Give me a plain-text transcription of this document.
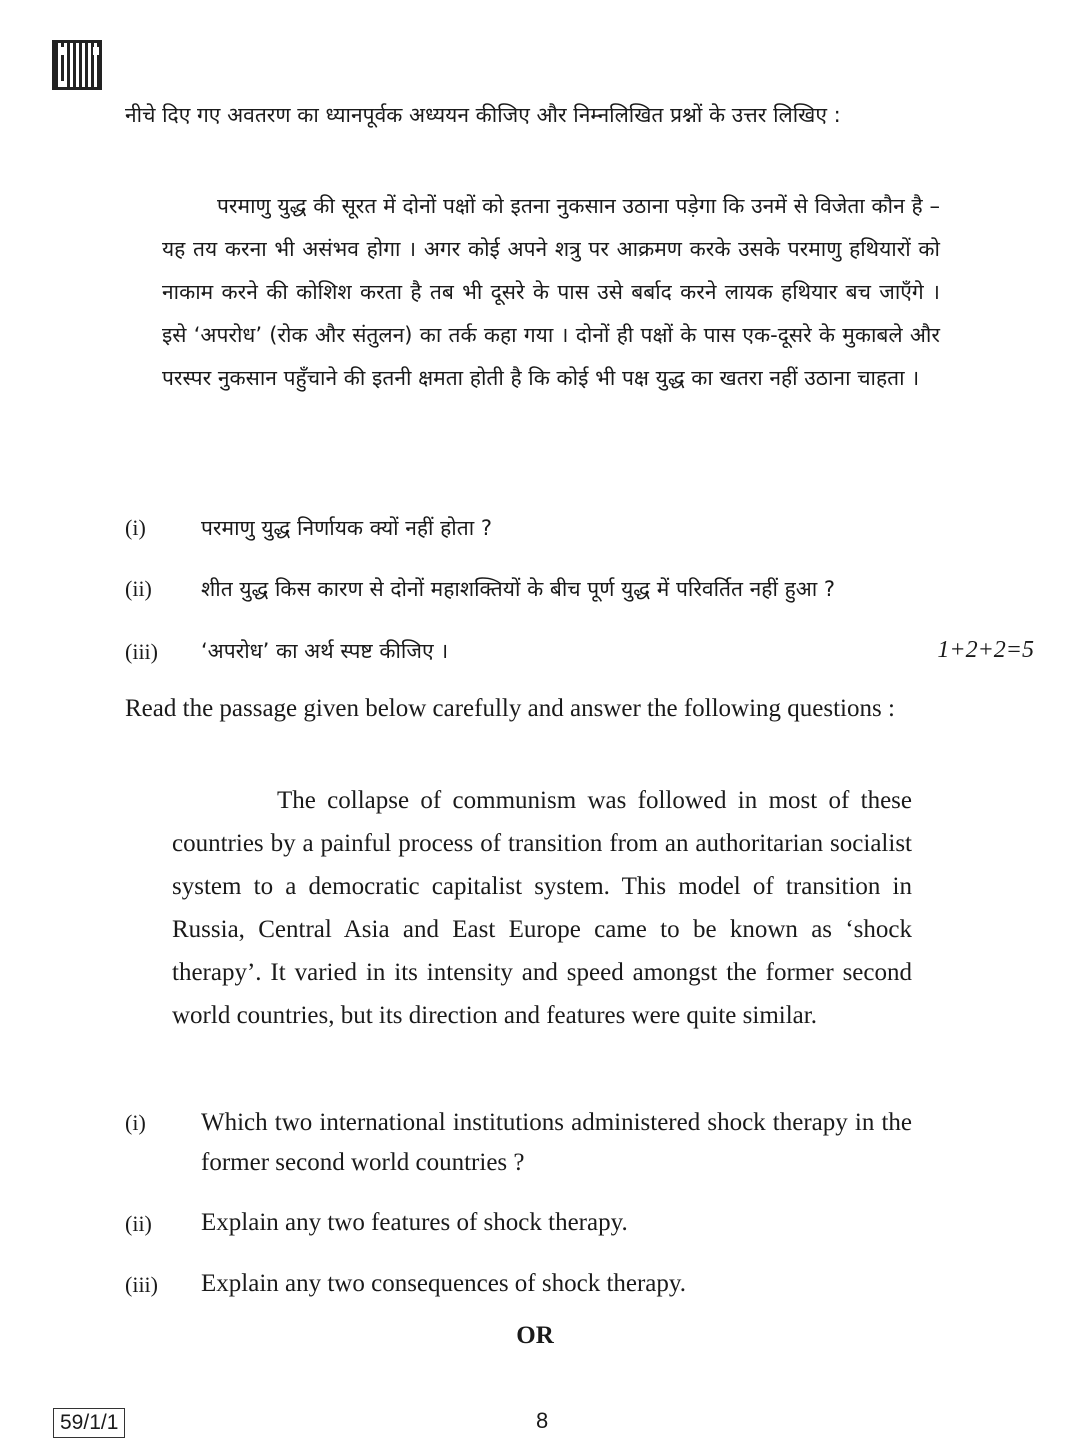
नीचे दिए गए अवतरण का ध्यानपूर्वक अध्ययन कीजिए और निम्नलिखित प्रश्नों के उत्तर लिखिए :
परमाणु युद्ध की सूरत में दोनों पक्षों को इतना नुकसान उठाना पड़ेगा कि उनमें से विजेता कौन है – यह तय करना भी असंभव होगा । अगर कोई अपने शत्रु पर आक्रमण करके उसके परमाणु हथियारों को नाकाम करने की कोशिश करता है तब भी दूसरे के पास उसे बर्बाद करने लायक हथियार बच जाएँगे । इसे ‘अपरोध’ (रोक और संतुलन) का तर्क कहा गया । दोनों ही पक्षों के पास एक-दूसरे के मुकाबले और परस्पर नुकसान पहुँचाने की इतनी क्षमता होती है कि कोई भी पक्ष युद्ध का खतरा नहीं उठाना चाहता ।
(i)	परमाणु युद्ध निर्णायक क्यों नहीं होता ?
(ii) शीत युद्ध किस कारण से दोनों महाशक्तियों के बीच पूर्ण युद्ध में परिवर्तित नहीं हुआ ?
(iii) ‘अपरोध’ का अर्थ स्पष्ट कीजिए ।	1+2+2=5
Read the passage given below carefully and answer the following questions :
The collapse of communism was followed in most of these countries by a painful process of transition from an authoritarian socialist system to a democratic capitalist system. This model of transition in Russia, Central Asia and East Europe came to be known as ‘shock therapy’. It varied in its intensity and speed amongst the former second world countries, but its direction and features were quite similar.
(i) Which two international institutions administered shock therapy in the former second world countries ?
(ii) Explain any two features of shock therapy.
(iii) Explain any two consequences of shock therapy.
OR
59/1/1	8
